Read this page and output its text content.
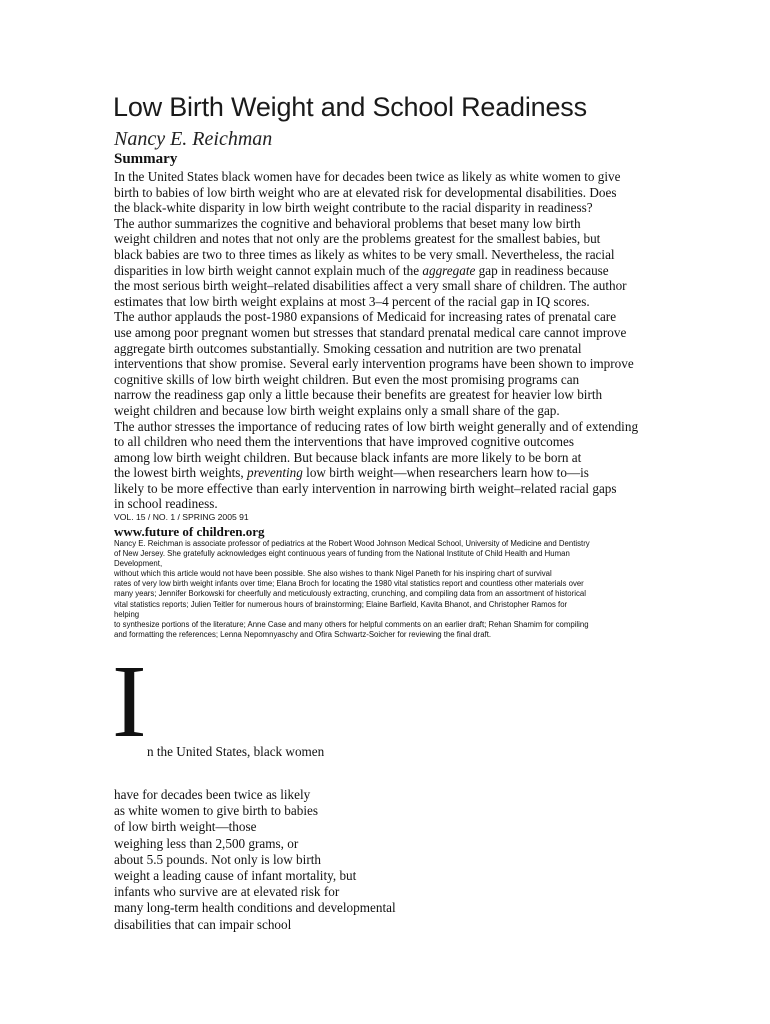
Low Birth Weight and School Readiness
Nancy E. Reichman
Summary
In the United States black women have for decades been twice as likely as white women to give
birth to babies of low birth weight who are at elevated risk for developmental disabilities. Does
the black-white disparity in low birth weight contribute to the racial disparity in readiness?
The author summarizes the cognitive and behavioral problems that beset many low birth
weight children and notes that not only are the problems greatest for the smallest babies, but
black babies are two to three times as likely as whites to be very small. Nevertheless, the racial
disparities in low birth weight cannot explain much of the aggregate gap in readiness because
the most serious birth weight–related disabilities affect a very small share of children. The author
estimates that low birth weight explains at most 3–4 percent of the racial gap in IQ scores.
The author applauds the post-1980 expansions of Medicaid for increasing rates of prenatal care
use among poor pregnant women but stresses that standard prenatal medical care cannot improve
aggregate birth outcomes substantially. Smoking cessation and nutrition are two prenatal
interventions that show promise. Several early intervention programs have been shown to improve
cognitive skills of low birth weight children. But even the most promising programs can
narrow the readiness gap only a little because their benefits are greatest for heavier low birth
weight children and because low birth weight explains only a small share of the gap.
The author stresses the importance of reducing rates of low birth weight generally and of extending
to all children who need them the interventions that have improved cognitive outcomes
among low birth weight children. But because black infants are more likely to be born at
the lowest birth weights, preventing low birth weight—when researchers learn how to—is
likely to be more effective than early intervention in narrowing birth weight–related racial gaps
in school readiness.
VOL. 15 / NO. 1 / SPRING 2005 91
www.future of children.org
Nancy E. Reichman is associate professor of pediatrics at the Robert Wood Johnson Medical School, University of Medicine and Dentistry
of New Jersey. She gratefully acknowledges eight continuous years of funding from the National Institute of Child Health and Human
Development,
without which this article would not have been possible. She also wishes to thank Nigel Paneth for his inspiring chart of survival
rates of very low birth weight infants over time; Elana Broch for locating the 1980 vital statistics report and countless other materials over
many years; Jennifer Borkowski for cheerfully and meticulously extracting, crunching, and compiling data from an assortment of historical
vital statistics reports; Julien Teitler for numerous hours of brainstorming; Elaine Barfield, Kavita Bhanot, and Christopher Ramos for
helping
to synthesize portions of the literature; Anne Case and many others for helpful comments on an earlier draft; Rehan Shamim for compiling
and formatting the references; Lenna Nepomnyaschy and Ofira Schwartz-Soicher for reviewing the final draft.
I n the United States, black women
have for decades been twice as likely
as white women to give birth to babies
of low birth weight—those
weighing less than 2,500 grams, or
about 5.5 pounds. Not only is low birth
weight a leading cause of infant mortality, but
infants who survive are at elevated risk for
many long-term health conditions and developmental
disabilities that can impair school
